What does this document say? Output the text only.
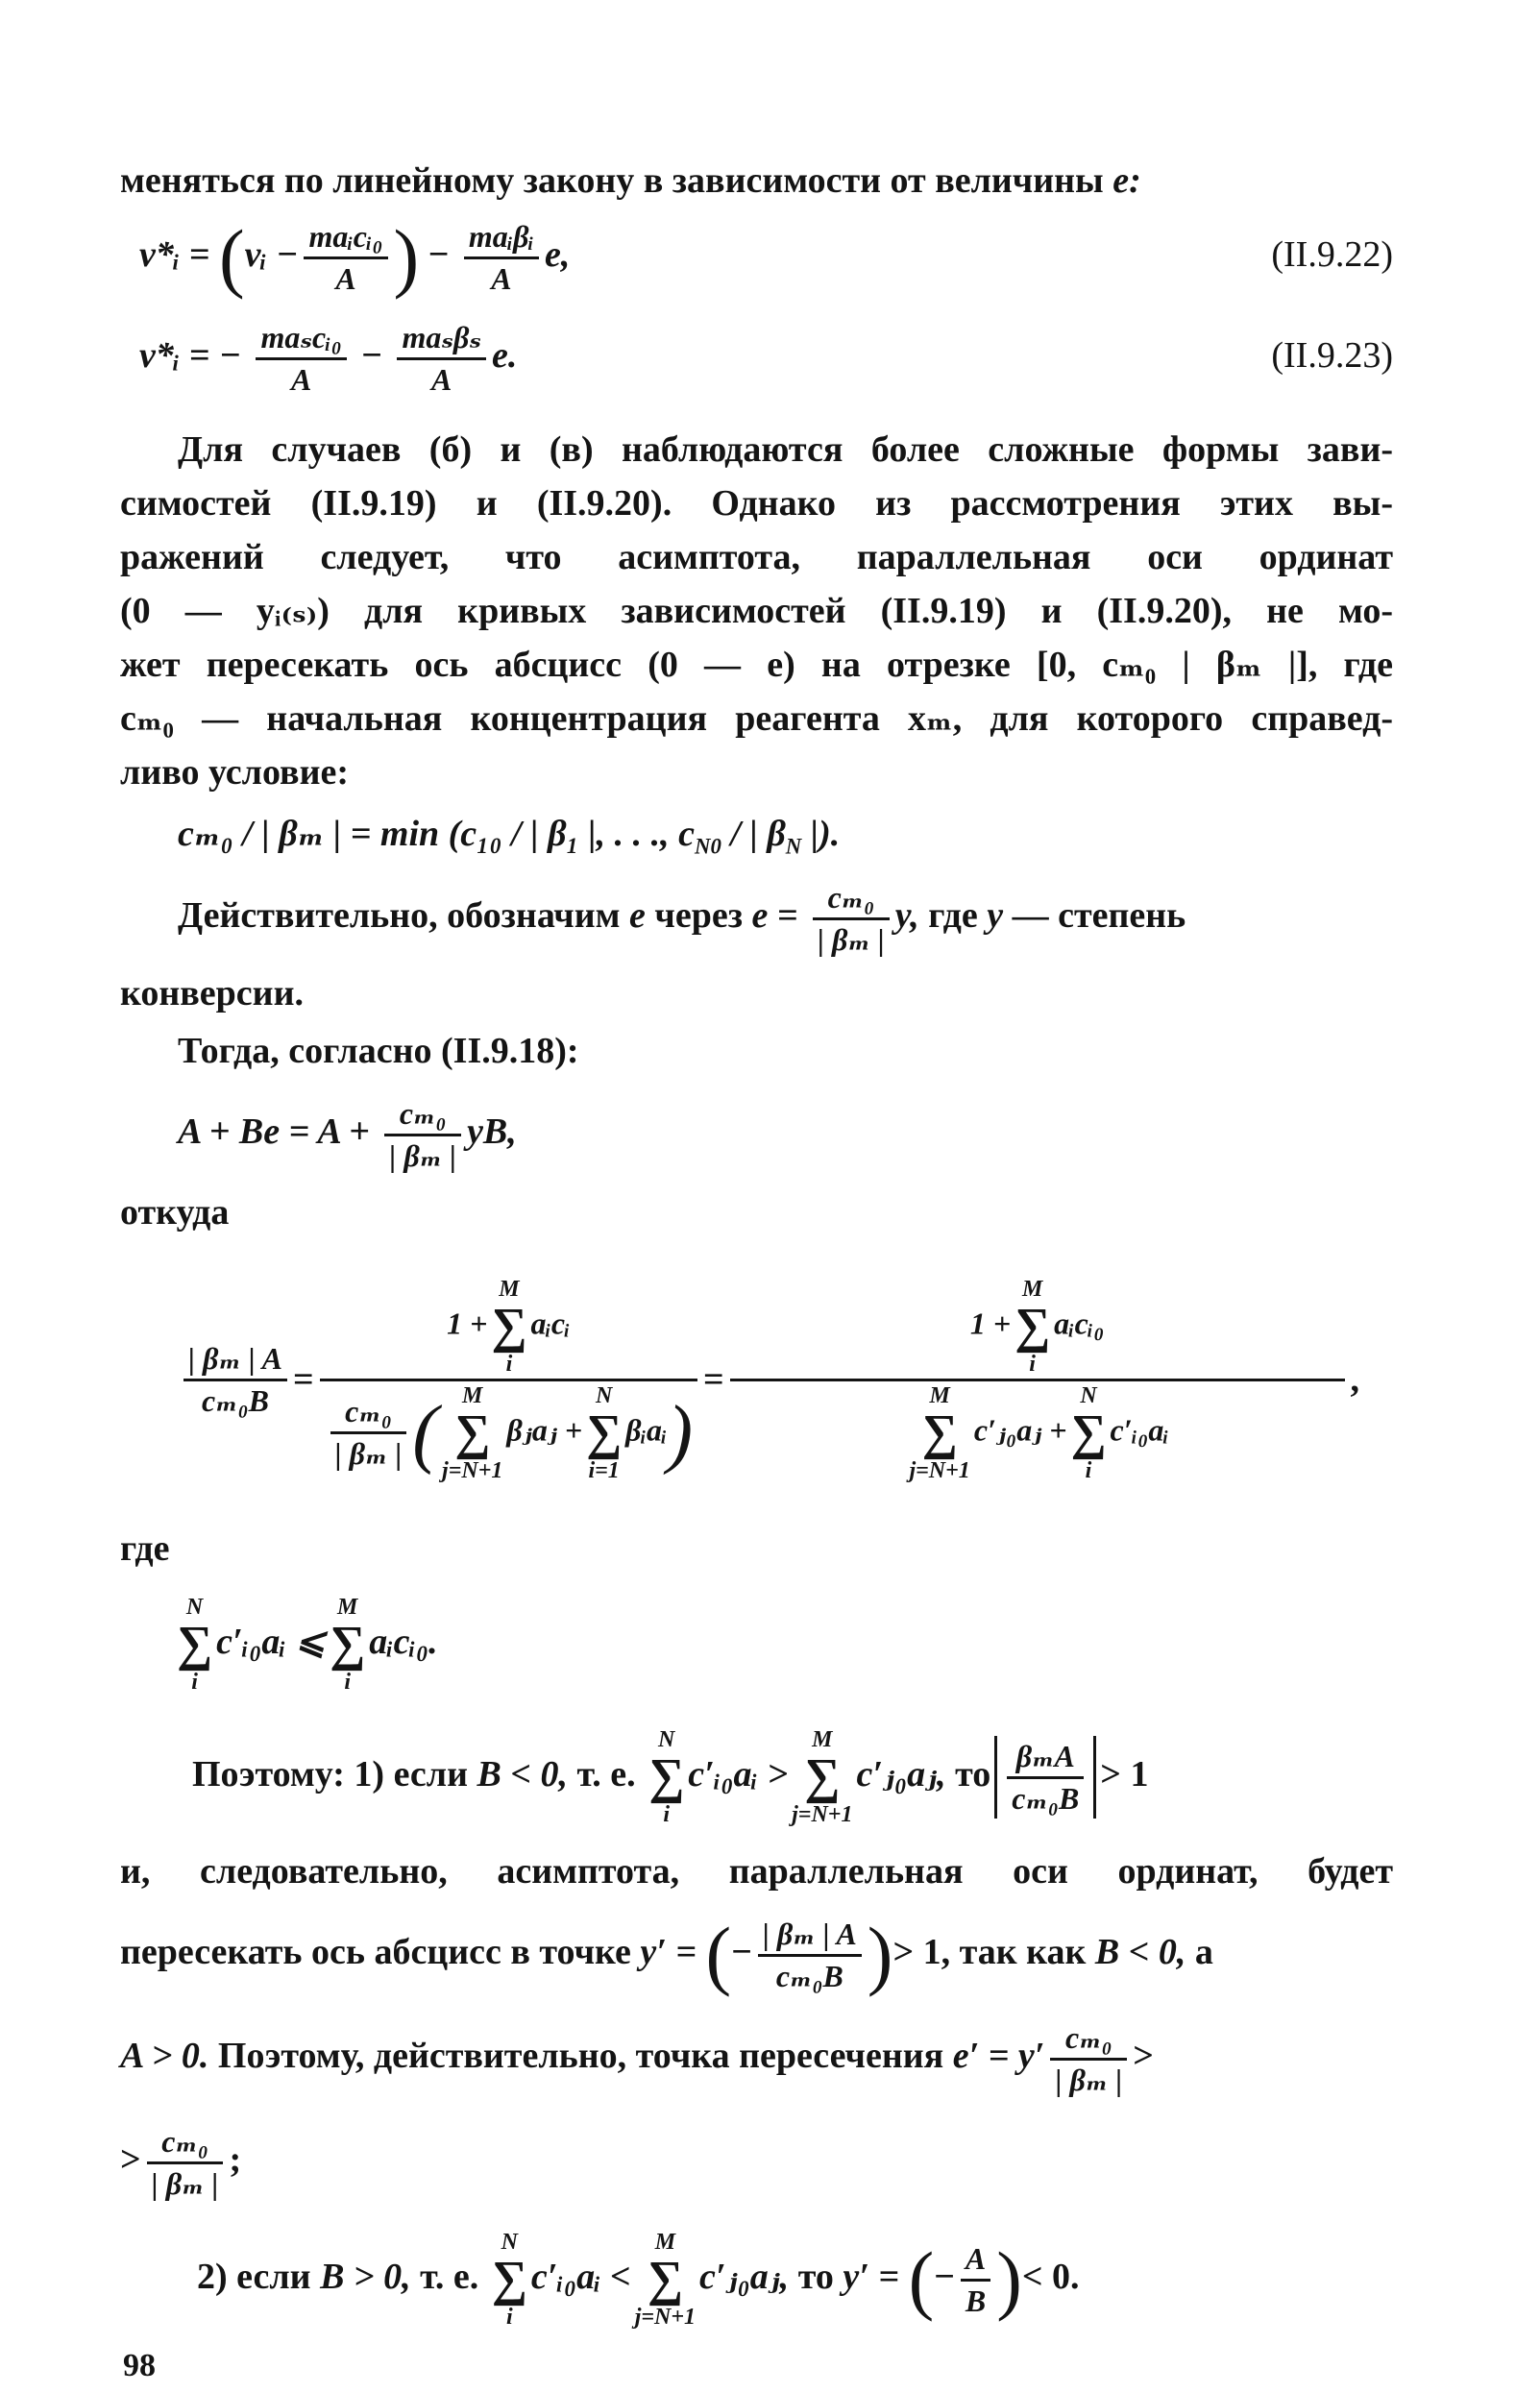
меняться по линейному закону в зависимости от величины e:
ν*ᵢ = (νᵢ − $\frac{\text{maᵢcᵢ₀}}{A}$ ) − $\frac{\text{maᵢβᵢ}}{A} e$,	(II.9.22)
ν*ᵢ = − $\frac{\text{maₛcᵢ₀}}{A} - \frac{\text{maₛβₛ}}{A} e$.	(II.9.23)
Для случаев (б) и (в) наблюдаются более сложные формы зави-
симостей (II.9.19) и (II.9.20). Однако из рассмотрения этих вы-
ражений следует, что асимптота, параллельная оси ординат
(0 — yᵢ₍ₛ₎) для кривых зависимостей (II.9.19) и (II.9.20), не мо-
жет пересекать ось абсцисс (0 — e) на отрезке [0, cₘ₀ | βₘ |], где
cₘ₀ — начальная концентрация реагента xₘ, для которого справед-
ливо условие:
cₘ₀ / | βₘ | = min (c₁₀ / | β₁ |, . . ., $c_{N0}$ / | $\beta_N$ |).
Действительно, обозначим e через $e = \frac{\text{cₘ₀}}{\text{| βₘ |}} y$, где y — степень
конверсии.
Тогда, согласно (II.9.18):
$A + Be = A + \frac{\text{cₘ₀}}{\text{| βₘ |}}$ yB,
откуда
$\frac{\text{| βₘ | A}}{\text{cₘ₀B}} = 1$ +
M
∑
i
aᵢcᵢ
$\frac{\text{cₘ₀}}{\text{| βₘ |}}$ ( M
∑
j=N+1
βⱼaⱼ +
N
∑
i=1
βᵢaᵢ) = 1 +
M
∑
i
aᵢcᵢ₀
M
∑
j=N+1
c′ⱼ₀aⱼ +
N
∑
i
c′ᵢ₀aᵢ ,
где
N
∑
i
c′ᵢ₀aᵢ ⩽
M
∑
i
aᵢcᵢ₀.
Поэтому: 1) если B < 0, т. е.
N
∑
i
c′ᵢ₀aᵢ >
M
∑
j=N+1
c′ⱼ₀aⱼ, то $\frac{\text{βₘA}}{\text{cₘ₀B}} > 1$
и, следовательно, асимптота, параллельная оси ординат, будет
пересекать ось абсцисс в точке y′ = (− $\frac{\text{| βₘ | A}}{\text{cₘ₀B}}$ )> 1, так как B < 0, а
A > 0. Поэтому, действительно, точка пересечения $e' = y' \frac{\text{cₘ₀}}{\text{| βₘ |}}$ >
> $\frac{\text{cₘ₀}}{\text{| βₘ |}}$ ;
2) если B > 0, т. е.
N
∑
i
c′ᵢ₀aᵢ <
M
∑
j=N+1
c′ⱼ₀aⱼ, то y′ = (− $\frac{A}{B}$ )< 0.
98
